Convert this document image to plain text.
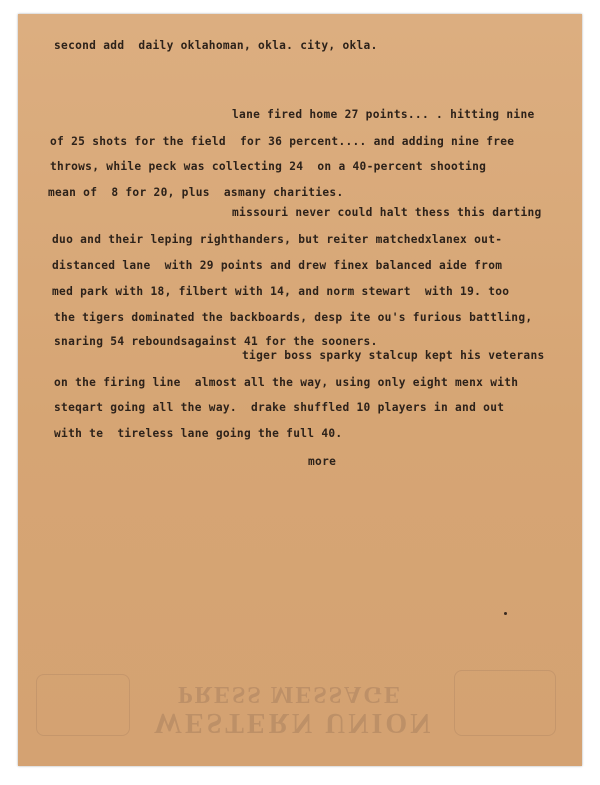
second add  daily oklahoman, okla. city, okla.
lane fired home 27 points... . hitting nine
of 25 shots for the field  for 36 percent.... and adding nine free
throws, while peck was collecting 24  on a 40-percent shooting
mean of  8 for 20, plus  asmany charities.
missouri never could halt thess this darting
duo and their leping righthanders, but reiter matchedxlanex out-
distanced lane  with 29 points and drew finex balanced aide from
med park with 18, filbert with 14, and norm stewart  with 19. too
the tigers dominated the backboards, desp ite ou's furious battling,
snaring 54 reboundsagainst 41 for the sooners.
tiger boss sparky stalcup kept his veterans
on the firing line  almost all the way, using only eight menx with
steqart going all the way.  drake shuffled 10 players in and out
with te  tireless lane going the full 40.
more
PRESS MESSAGE
WESTERN UNION
